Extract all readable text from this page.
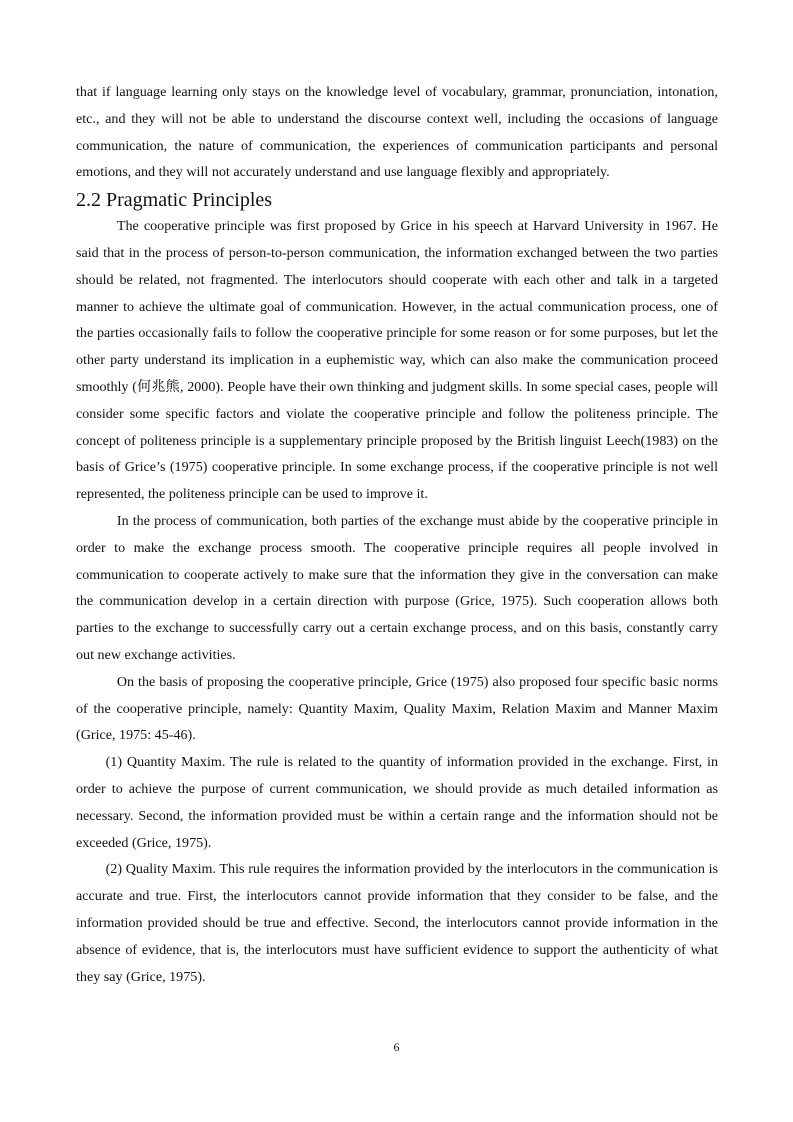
that if language learning only stays on the knowledge level of vocabulary, grammar, pronunciation, intonation, etc., and they will not be able to understand the discourse context well, including the occasions of language communication, the nature of communication, the experiences of communication participants and personal emotions, and they will not accurately understand and use language flexibly and appropriately.

2.2 Pragmatic Principles

The cooperative principle was first proposed by Grice in his speech at Harvard University in 1967. He said that in the process of person-to-person communication, the information exchanged between the two parties should be related, not fragmented. The interlocutors should cooperate with each other and talk in a targeted manner to achieve the ultimate goal of communication. However, in the actual communication process, one of the parties occasionally fails to follow the cooperative principle for some reason or for some purposes, but let the other party understand its implication in a euphemistic way, which can also make the communication proceed smoothly (何兆熊, 2000). People have their own thinking and judgment skills. In some special cases, people will consider some specific factors and violate the cooperative principle and follow the politeness principle. The concept of politeness principle is a supplementary principle proposed by the British linguist Leech(1983) on the basis of Grice’s (1975) cooperative principle. In some exchange process, if the cooperative principle is not well represented, the politeness principle can be used to improve it.

In the process of communication, both parties of the exchange must abide by the cooperative principle in order to make the exchange process smooth. The cooperative principle requires all people involved in communication to cooperate actively to make sure that the information they give in the conversation can make the communication develop in a certain direction with purpose (Grice, 1975). Such cooperation allows both parties to the exchange to successfully carry out a certain exchange process, and on this basis, constantly carry out new exchange activities.

On the basis of proposing the cooperative principle, Grice (1975) also proposed four specific basic norms of the cooperative principle, namely: Quantity Maxim, Quality Maxim, Relation Maxim and Manner Maxim (Grice, 1975: 45-46).

(1) Quantity Maxim. The rule is related to the quantity of information provided in the exchange. First, in order to achieve the purpose of current communication, we should provide as much detailed information as necessary. Second, the information provided must be within a certain range and the information should not be exceeded (Grice, 1975).

(2) Quality Maxim. This rule requires the information provided by the interlocutors in the communication is accurate and true. First, the interlocutors cannot provide information that they consider to be false, and the information provided should be true and effective. Second, the interlocutors cannot provide information in the absence of evidence, that is, the interlocutors must have sufficient evidence to support the authenticity of what they say (Grice, 1975).

6
